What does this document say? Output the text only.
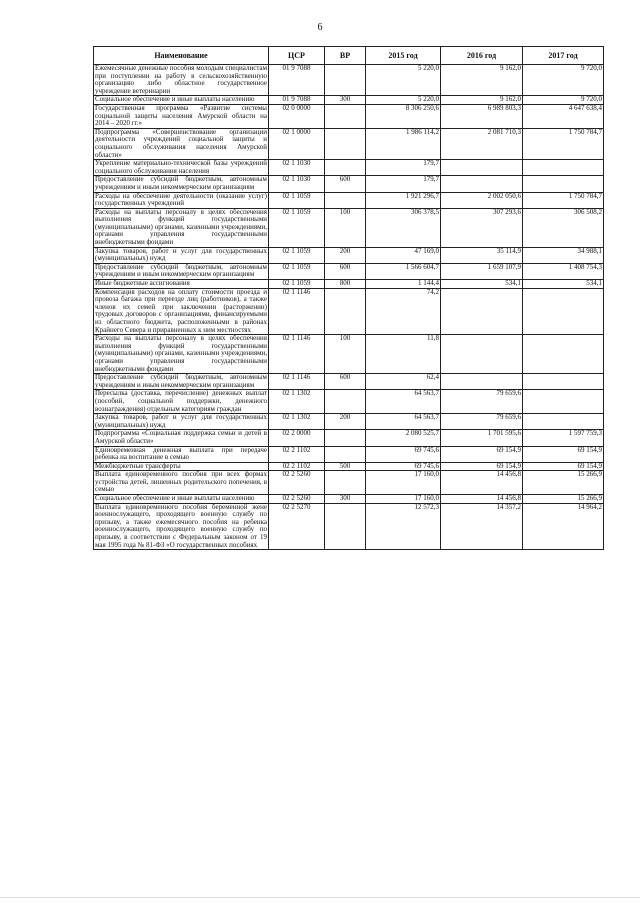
6
Наименование	ЦСР	ВР	2015 год	2016 год	2017 год
Ежемесячные денежные пособия молодым специалистам при поступлении на работу в сельскохозяйственную организацию либо областное государственное учреждение ветеринарии	01 9 7088		5 220,0	9 162,0	9 720,0
Социальное обеспечение и иные выплаты населению	01 9 7088	300	5 220,0	9 162,0	9 720,0
Государственная программа «Развитие системы социальной защиты населения Амурской области на 2014 – 2020 гг.»	02 0 0000		8 306 250,6	6 989 803,3	4 647 638,4
Подпрограмма «Совершенствование организации деятельности учреждений социальной защиты и социального обслуживания населения Амурской области»	02 1 0000		1 986 114,2	2 081 710,3	1 750 784,7
Укрепление материально-технической базы учреждений социального обслуживания населения	02 1 1030		179,7		
Предоставление субсидий бюджетным, автономным учреждениям и иным некоммерческим организациям	02 1 1030	600	179,7		
Расходы на обеспечение деятельности (оказание услуг) государственных учреждений	02 1 1059		1 921 296,7	2 002 050,6	1 750 784,7
Расходы на выплаты персоналу в целях обеспечения выполнения функций государственными (муниципальными) органами, казенными учреждениями, органами управления государственными внебюджетными фондами	02 1 1059	100	306 378,5	307 293,6	306 508,2
Закупка товаров, работ и услуг для государственных (муниципальных) нужд	02 1 1059	200	47 169,0	35 114,9	34 988,1
Предоставление субсидий бюджетным, автономным учреждениям и иным некоммерческим организациям	02 1 1059	600	1 566 604,7	1 659 107,9	1 408 754,3
Иные бюджетные ассигнования	02 1 1059	800	1 144,4	534,1	534,1
Компенсация расходов на оплату стоимости проезда и провоза багажа при переезде лиц (работников), а также членов их семей при заключении (расторжении) трудовых договоров с организациями, финансируемыми из областного бюджета, расположенными в районах Крайнего Севера и приравненных к ним местностях	02 1 1146		74,2		
Расходы на выплаты персоналу в целях обеспечения выполнения функций государственными (муниципальными) органами, казенными учреждениями, органами управления государственными внебюджетными фондами	02 1 1146	100	11,8		
Предоставление субсидий бюджетным, автономным учреждениям и иным некоммерческим организациям	02 1 1146	600	62,4		
Пересылка (доставка, перечисление) денежных выплат (пособий, социальной поддержки, денежного вознаграждения) отдельным категориям граждан	02 1 1302		64 563,7	79 659,6	
Закупка товаров, работ и услуг для государственных (муниципальных) нужд	02 1 1302	200	64 563,7	79 659,6	
Подпрограмма «Социальная поддержка семьи и детей в Амурской области»	02 2 0000		2 080 525,7	1 701 595,6	1 597 759,3
Единовременная денежная выплата при передаче ребенка на воспитание в семью	02 2 1102		69 745,6	69 154,9	69 154,9
Межбюджетные трансферты	02 2 1102	500	69 745,6	69 154,9	69 154,9
Выплата единовременного пособия при всех формах устройства детей, лишенных родительского попечения, в семью	02 2 5260		17 160,0	14 456,8	15 266,9
Социальное обеспечение и иные выплаты населению	02 2 5260	300	17 160,0	14 456,8	15 266,9
Выплата единовременного пособия беременной жене военнослужащего, проходящего военную службу по призыву, а также ежемесячного пособия на ребенка военнослужащего, проходящего военную службу по призыву, в соответствии с Федеральным законом от 19 мая 1995 года № 81-ФЗ «О государственных пособиях	02 2 5270		12 572,3	14 357,2	14 964,2
